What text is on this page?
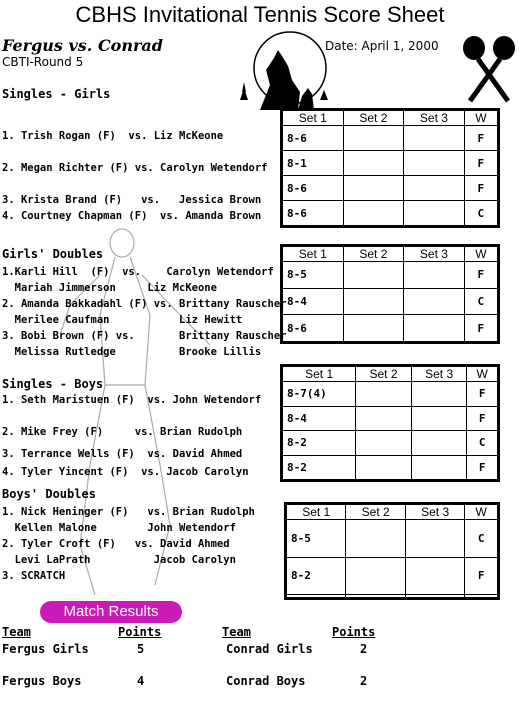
CBHS Invitational Tennis Score Sheet
Fergus vs. Conrad
CBTI-Round 5
Date: April 1, 2000
Singles - Girls
1. Trish Rogan (F)  vs. Liz McKeone
2. Megan Richter (F) vs. Carolyn Wetendorf
3. Krista Brand (F)   vs.   Jessica Brown
4. Courtney Chapman (F)  vs. Amanda Brown
Set 1	Set 2	Set 3	W
8-6			F
8-1			F
8-6			F
8-6			C
Girls' Doubles
1.Karli Hill  (F)  vs.    Carolyn Wetendorf
Mariah Jimmerson     Liz McKeone
2. Amanda Bakkadahl (F) vs. Brittany Rauscher
Merilee Caufman           Liz Hewitt
3. Bobi Brown (F) vs.       Brittany Rauscher
Melissa Rutledge          Brooke Lillis
Set 1	Set 2	Set 3	W
8-5			F
8-4			C
8-6			F
Singles - Boys
1. Seth Maristuen (F)  vs. John Wetendorf
2. Mike Frey (F)     vs. Brian Rudolph
3. Terrance Wells (F)  vs. David Ahmed
4. Tyler Yincent (F)  vs. Jacob Carolyn
Set 1	Set 2	Set 3	W
8-7(4)			F
8-4			F
8-2			C
8-2			F
Boys' Doubles
1. Nick Heninger (F)   vs. Brian Rudolph
Kellen Malone        John Wetendorf
2. Tyler Croft (F)   vs. David Ahmed
Levi LaPrath          Jacob Carolyn
3. SCRATCH
Set 1	Set 2	Set 3	W
8-5			C
8-2			F

Match Results
Team	Points	Team	Points
Fergus Girls	5	Conrad Girls	2
Fergus Boys	4	Conrad Boys	2
